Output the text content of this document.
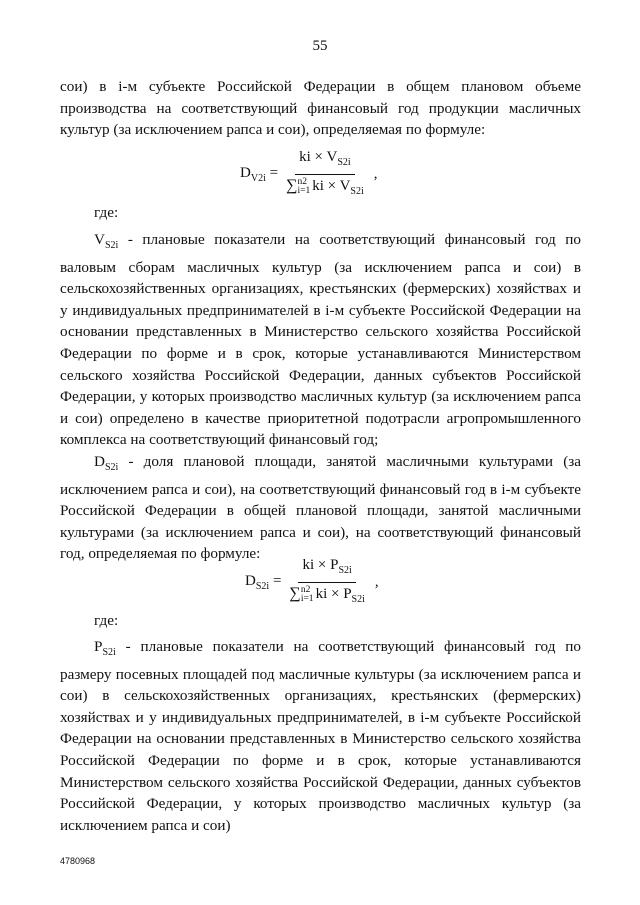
55

сои) в i-м субъекте Российской Федерации в общем плановом объеме производства на соответствующий финансовый год продукции масличных культур (за исключением рапса и сои), определяемая по формуле:

$D_{V2i}$ = ki × $V_{S2i}$
∑ n2
i=1 ki × $V_{S2i}$ ,
где:

$V_{S2i}$ - плановые показатели на соответствующий финансовый год по валовым сборам масличных культур (за исключением рапса и сои) в сельскохозяйственных организациях, крестьянских (фермерских) хозяйствах и у индивидуальных предпринимателей в i-м субъекте Российской Федерации на основании представленных в Министерство сельского хозяйства Российской Федерации по форме и в срок, которые устанавливаются Министерством сельского хозяйства Российской Федерации, данных субъектов Российской Федерации, у которых производство масличных культур (за исключением рапса и сои) определено в качестве приоритетной подотрасли агропромышленного комплекса на соответствующий финансовый год;

$D_{S2i}$ - доля плановой площади, занятой масличными культурами (за исключением рапса и сои), на соответствующий финансовый год в i-м субъекте Российской Федерации в общей плановой площади, занятой масличными культурами (за исключением рапса и сои), на соответствующий финансовый год, определяемая по формуле:

$D_{S2i}$ = ki × $P_{S2i}$
∑ n2
i=1 ki × $P_{S2i}$ ,
где:

$P_{S2i}$ - плановые показатели на соответствующий финансовый год по размеру посевных площадей под масличные культуры (за исключением рапса и сои) в сельскохозяйственных организациях, крестьянских (фермерских) хозяйствах и у индивидуальных предпринимателей, в i-м субъекте Российской Федерации на основании представленных в Министерство сельского хозяйства Российской Федерации по форме и в срок, которые устанавливаются Министерством сельского хозяйства Российской Федерации, данных субъектов Российской Федерации, у которых производство масличных культур (за исключением рапса и сои)

4780968
